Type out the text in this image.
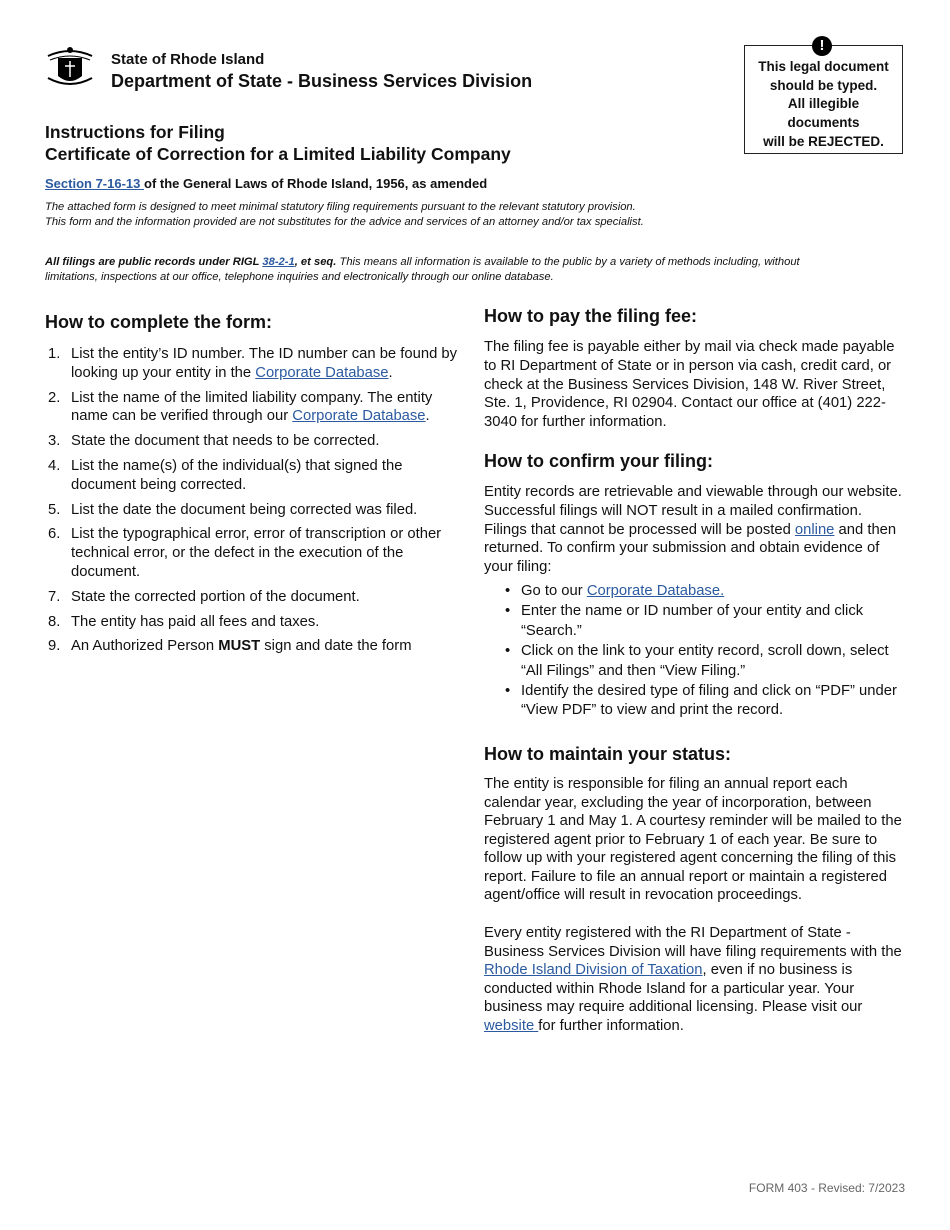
State of Rhode Island
Department of State - Business Services Division
This legal document
should be typed.
All illegible
documents
will be REJECTED.
!
Instructions for Filing
Certificate of Correction for a Limited Liability Company
Section 7-16-13 of the General Laws of Rhode Island, 1956, as amended
The attached form is designed to meet minimal statutory filing requirements pursuant to the relevant statutory provision.
This form and the information provided are not substitutes for the advice and services of an attorney and/or tax specialist.
All filings are public records under RIGL 38-2-1, et seq. This means all information is available to the public by a variety of methods including, without limitations, inspections at our office, telephone inquiries and electronically through our online database.
How to complete the form:
1. List the entity’s ID number. The ID number can be found by looking up your entity in the Corporate Database.
2. List the name of the limited liability company. The entity name can be verified through our Corporate Database.
3. State the document that needs to be corrected.
4. List the name(s) of the individual(s) that signed the document being corrected.
5. List the date the document being corrected was filed.
6. List the typographical error, error of transcription or other technical error, or the defect in the execution of the document.
7. State the corrected portion of the document.
8. The entity has paid all fees and taxes.
9. An Authorized Person MUST sign and date the form
How to pay the filing fee:

The filing fee is payable either by mail via check made payable to RI Department of State or in person via cash, credit card, or check at the Business Services Division, 148 W. River Street, Ste. 1, Providence, RI 02904. Contact our office at (401) 222-3040 for further information.

How to confirm your filing:

Entity records are retrievable and viewable through our website. Successful filings will NOT result in a mailed confirmation. Filings that cannot be processed will be posted online and then returned. To confirm your submission and obtain evidence of your filing:

• Go to our Corporate Database.
• Enter the name or ID number of your entity and click “Search.”
• Click on the link to your entity record, scroll down, select “All Filings” and then “View Filing.”
• Identify the desired type of filing and click on “PDF” under “View PDF” to view and print the record.
How to maintain your status:

The entity is responsible for filing an annual report each calendar year, excluding the year of incorporation, between February 1 and May 1. A courtesy reminder will be mailed to the registered agent prior to February 1 of each year. Be sure to follow up with your registered agent concerning the filing of this report. Failure to file an annual report or maintain a registered agent/office will result in revocation proceedings.

Every entity registered with the RI Department of State - Business Services Division will have filing requirements with the Rhode Island Division of Taxation, even if no business is conducted within Rhode Island for a particular year. Your business may require additional licensing. Please visit our website for further information.

FORM 403 - Revised: 7/2023
